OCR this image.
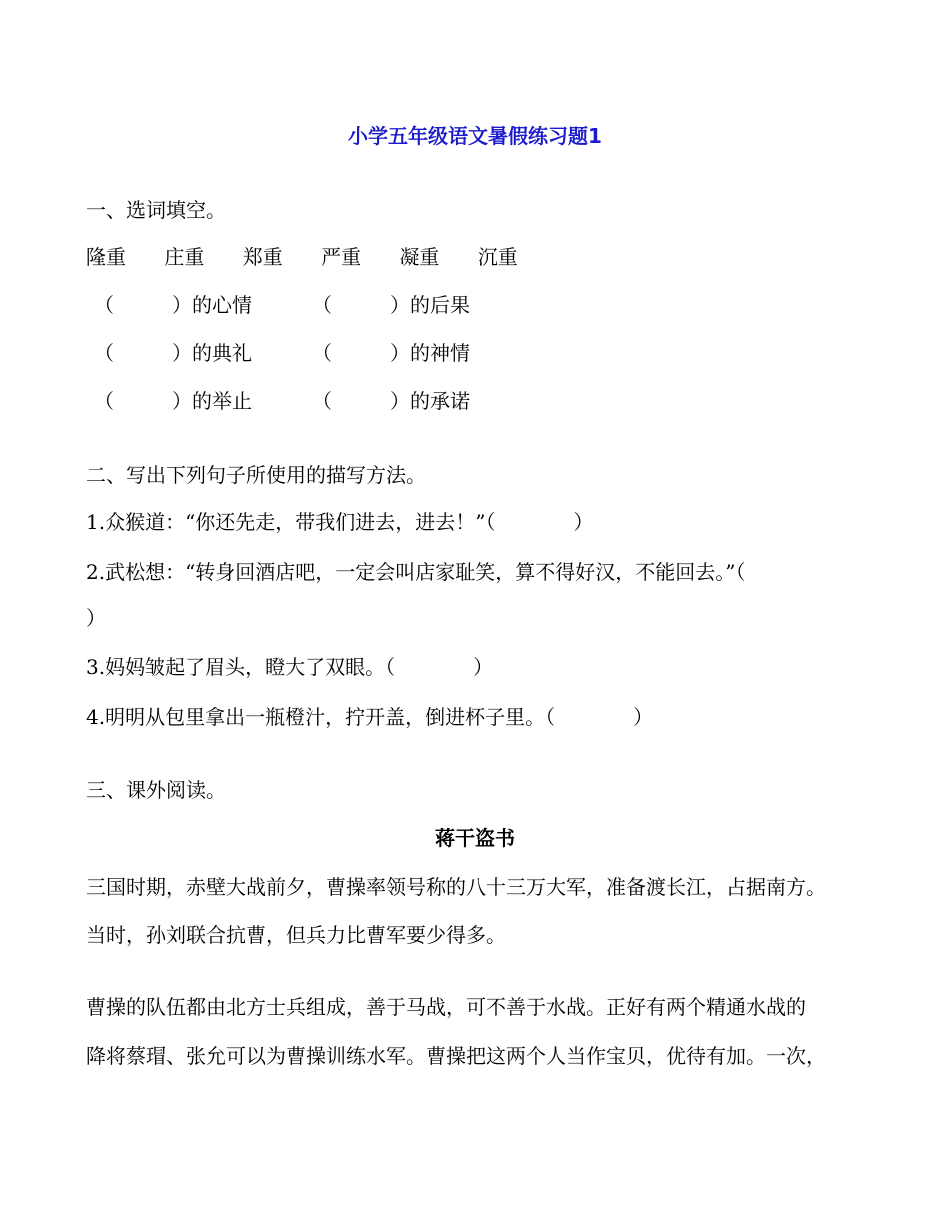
小学五年级语文暑假练习题1
一、选词填空。
隆重 庄重 郑重 严重 凝重 沉重
（	）的心情	（	）的后果
（	）的典礼	（	）的神情
（	）的举止	（	）的承诺
二、写出下列句子所使用的描写方法。
1.众猴道：“你还先走，带我们进去，进去！”（	）
2.武松想：“转身回酒店吧，一定会叫店家耻笑，算不得好汉，不能回去。”（
）
3.妈妈皱起了眉头，瞪大了双眼。（	）
4.明明从包里拿出一瓶橙汁，拧开盖，倒进杯子里。（	）
三、课外阅读。
蒋干盗书
三国时期，赤壁大战前夕，曹操率领号称的八十三万大军，准备渡长江，占据南方。
当时，孙刘联合抗曹，但兵力比曹军要少得多。
曹操的队伍都由北方士兵组成，善于马战，可不善于水战。正好有两个精通水战的
降将蔡瑁、张允可以为曹操训练水军。曹操把这两个人当作宝贝，优待有加。一次，
